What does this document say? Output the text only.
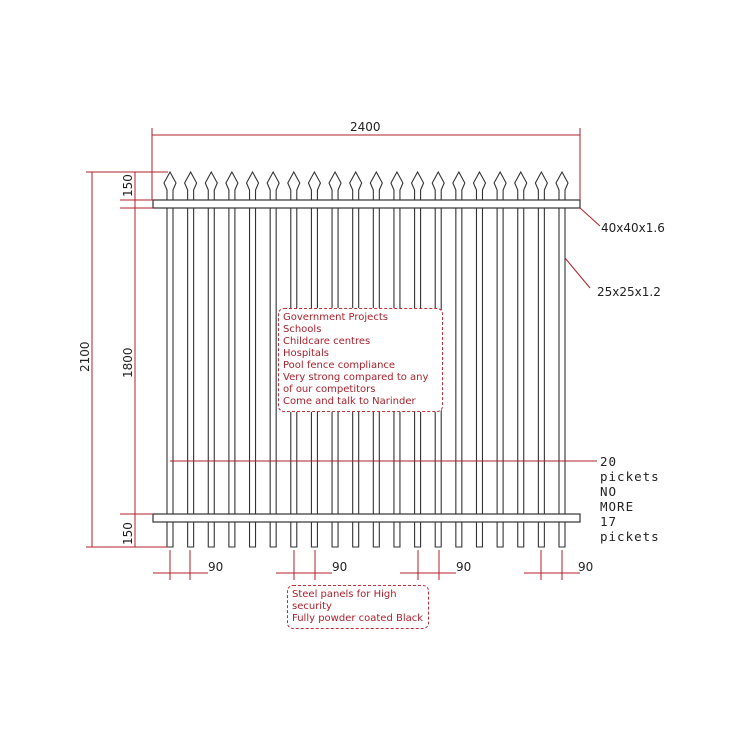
2400
2100 1800
150
150
90	90	90	90
40x40x1.6
25x25x1.2
20
pickets
NO
MORE
17
pickets
Government Projects
Schools
Childcare centres
Hospitals
Pool fence compliance
Very strong compared to any of our competitors
Come and talk to Narinder
Steel panels for High security
Fully powder coated Black
